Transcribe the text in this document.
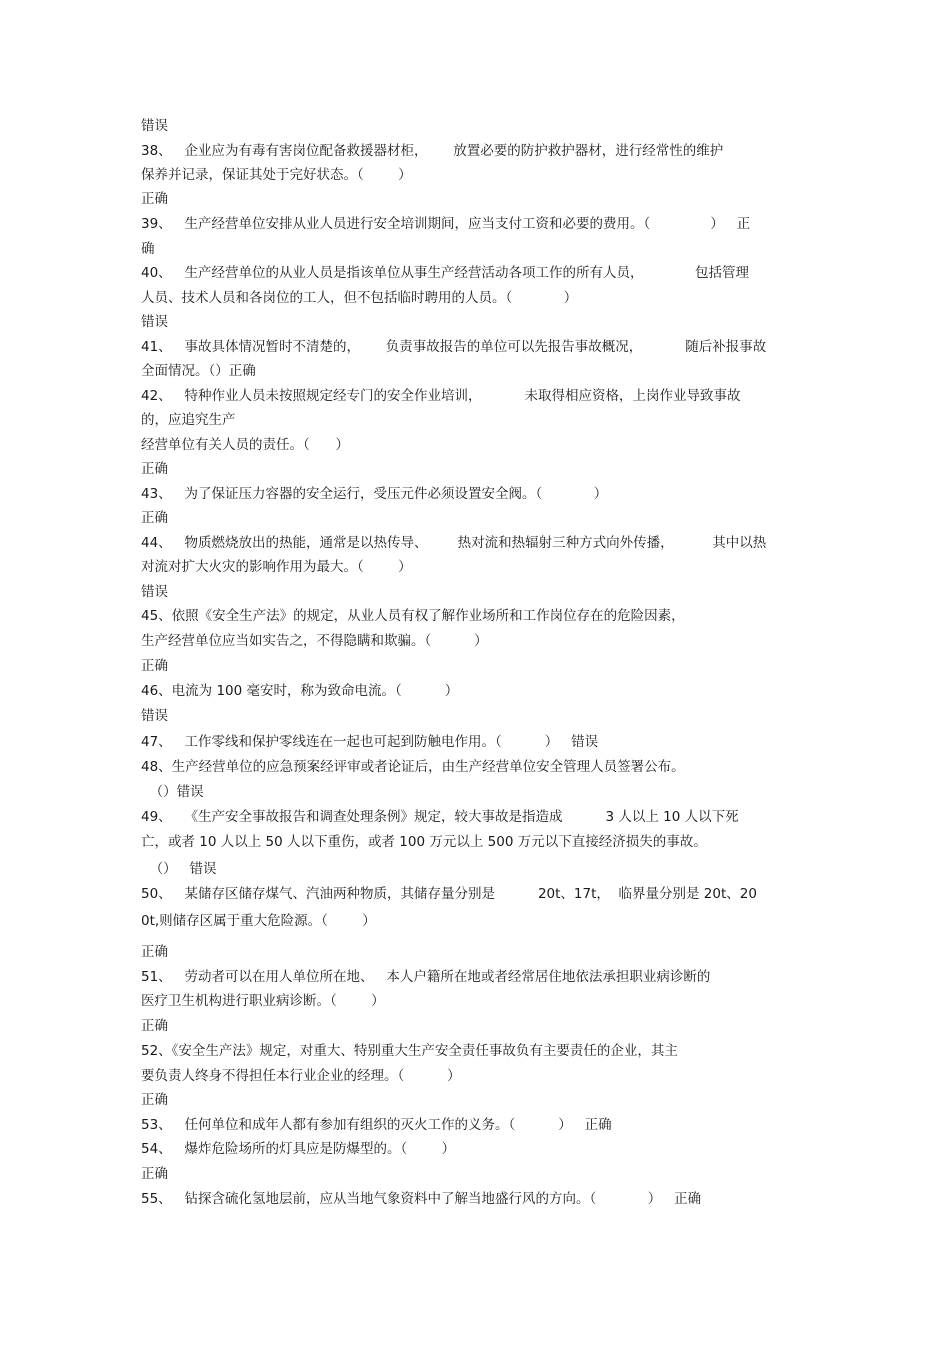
错误
38、   企业应为有毒有害岗位配备救援器材柜，      放置必要的防护救护器材，进行经常性的维护
保养并记录，保证其处于完好状态。（        ）
正确
39、   生产经营单位安排从业人员进行安全培训期间，应当支付工资和必要的费用。（              ）   正
确
40、   生产经营单位的从业人员是指该单位从事生产经营活动各项工作的所有人员，            包括管理
人员、技术人员和各岗位的工人，但不包括临时聘用的人员。（            ）
错误
41、   事故具体情况暂时不清楚的，      负责事故报告的单位可以先报告事故概况，          随后补报事故
全面情况。（）正确
42、   特种作业人员未按照规定经专门的安全作业培训，          未取得相应资格，上岗作业导致事故
的，应追究生产
经营单位有关人员的责任。（      ）
正确
43、   为了保证压力容器的安全运行，受压元件必须设置安全阀。（            ）
正确
44、   物质燃烧放出的热能，通常是以热传导、       热对流和热辐射三种方式向外传播，         其中以热
对流对扩大火灾的影响作用为最大。（        ）
错误
45、依照《安全生产法》的规定，从业人员有权了解作业场所和工作岗位存在的危险因素，
生产经营单位应当如实告之，不得隐瞒和欺骗。（          ）
正确
46、电流为 100 毫安时，称为致命电流。（          ）
错误
47、   工作零线和保护零线连在一起也可起到防触电作用。（          ）   错误
48、生产经营单位的应急预案经评审或者论证后，由生产经营单位安全管理人员签署公布。
（）错误
49、   《生产安全事故报告和调查处理条例》规定，较大事故是指造成          3 人以上 10 人以下死
亡，或者 10 人以上 50 人以下重伤，或者 100 万元以上 500 万元以下直接经济损失的事故。
（）   错误
50、   某储存区储存煤气、汽油两种物质，其储存量分别是          20t、17t，  临界量分别是 20t、20
0t,则储存区属于重大危险源。（        ）
正确
51、   劳动者可以在用人单位所在地、   本人户籍所在地或者经常居住地依法承担职业病诊断的
医疗卫生机构进行职业病诊断。（        ）
正确
52、《安全生产法》规定，对重大、特别重大生产安全责任事故负有主要责任的企业，其主
要负责人终身不得担任本行业企业的经理。（          ）
正确
53、   任何单位和成年人都有参加有组织的灭火工作的义务。（          ）   正确
54、   爆炸危险场所的灯具应是防爆型的。（        ）
正确
55、   钻探含硫化氢地层前，应从当地气象资料中了解当地盛行风的方向。（            ）   正确
